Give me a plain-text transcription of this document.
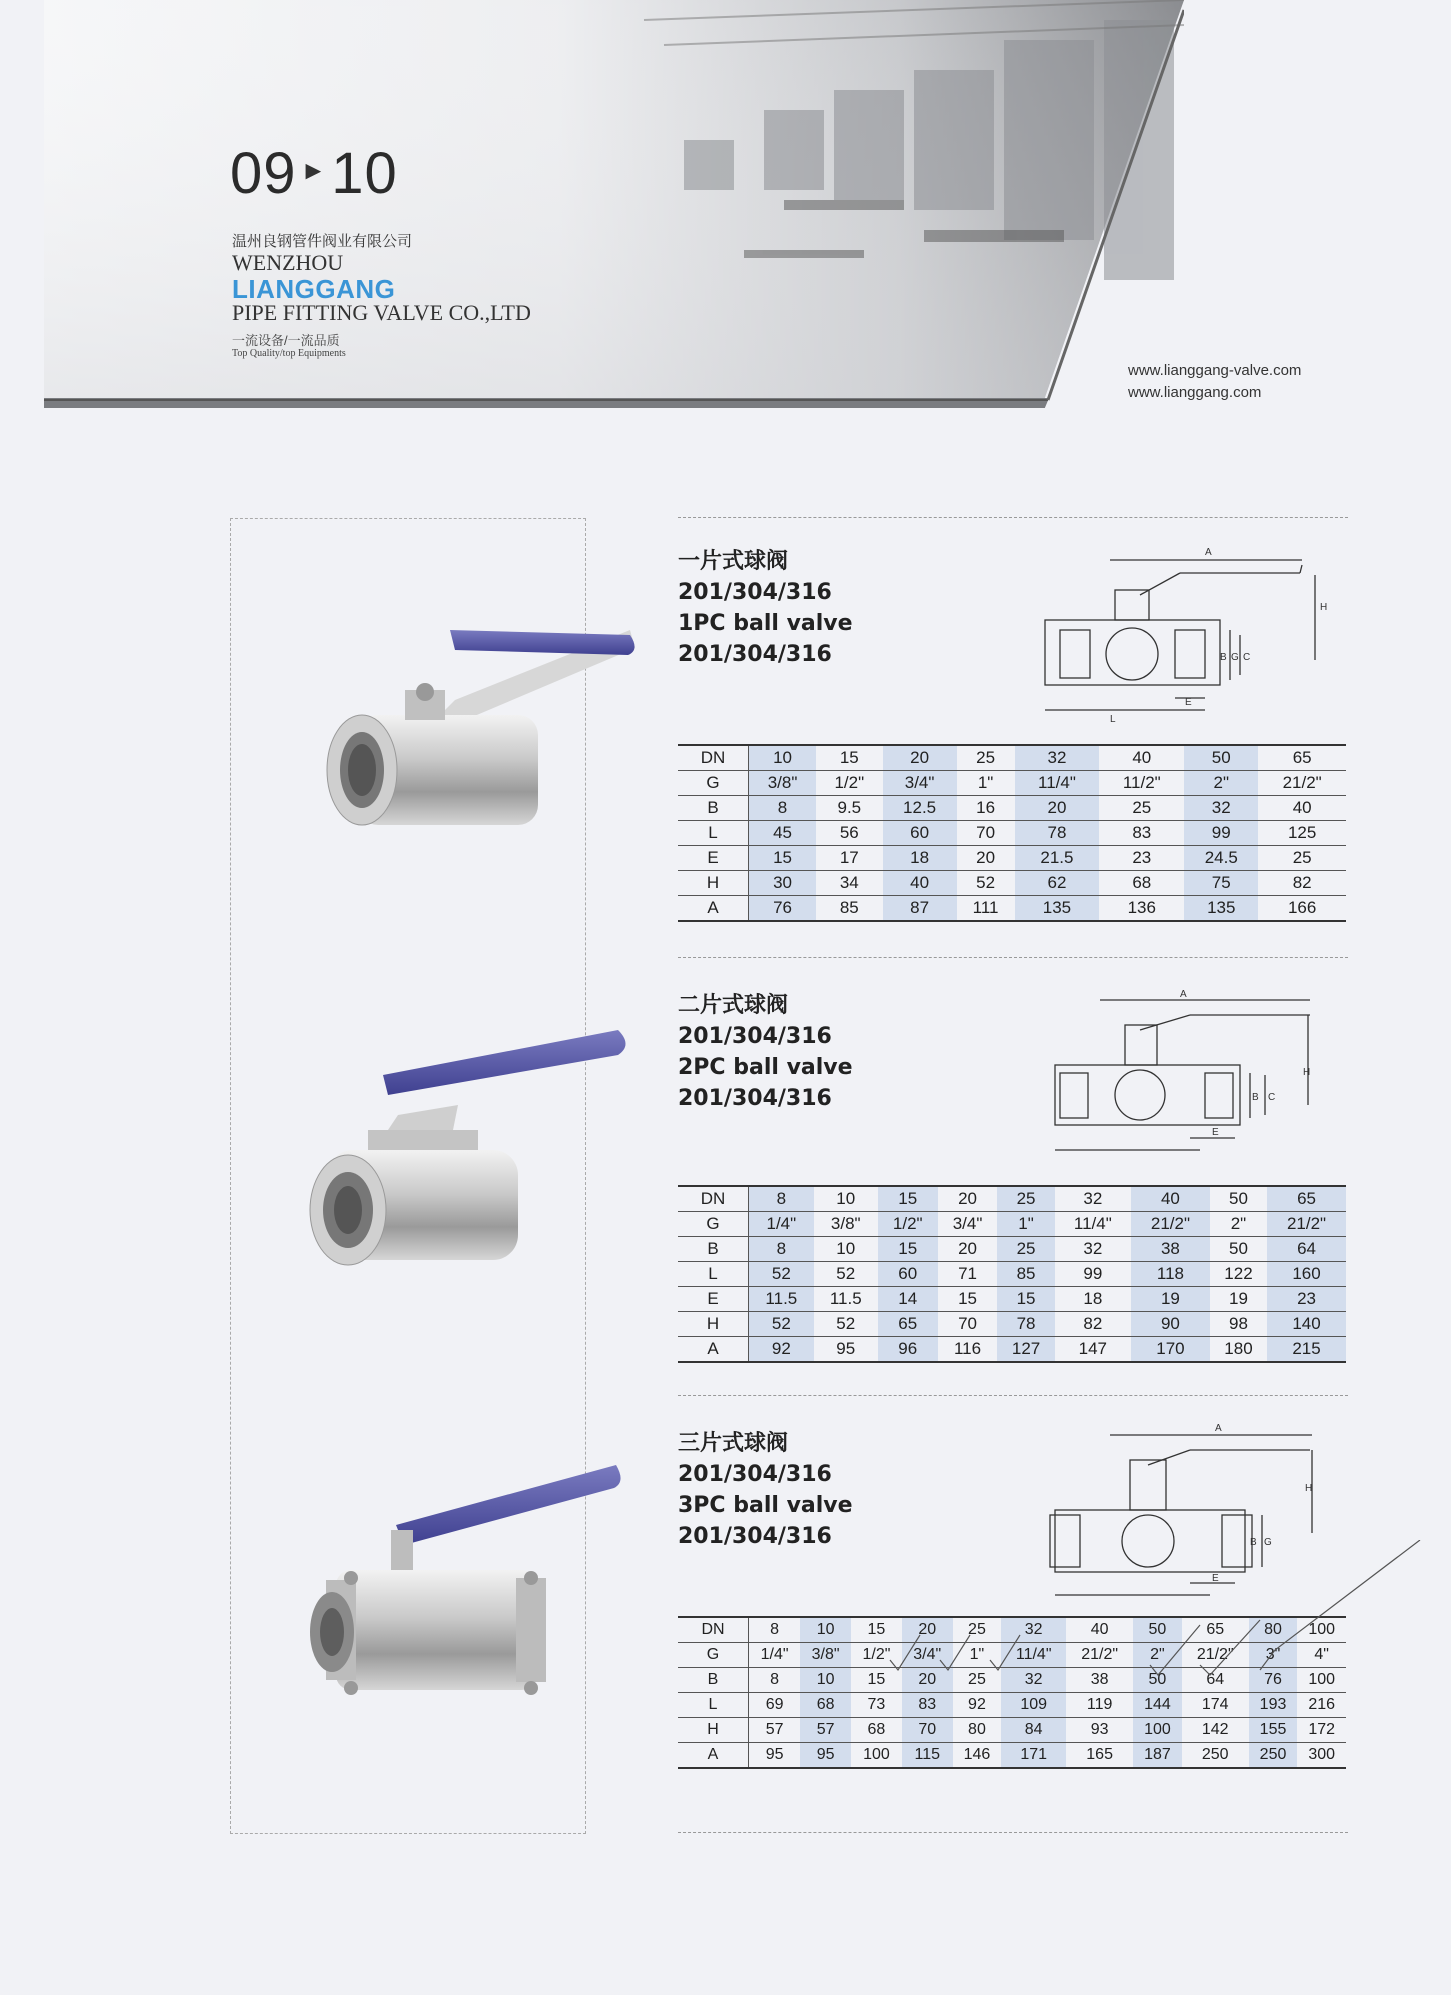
09 ►10
温州良钢管件阀业有限公司
WENZHOU
LIANGGANG
PIPE FITTING VALVE CO.,LTD
一流设备/一流品质
Top Quality/top Equipments
www.lianggang-valve.com
www.lianggang.com
一片式球阀
201/304/316
1PC ball valve
201/304/316
A
H
B G C
L
E
DN	10	15	20	25	32	40	50	65
G	3/8"	1/2"	3/4"	1"	11/4"	11/2"	2"	21/2"
B	8	9.5	12.5	16	20	25	32	40
L	45	56	60	70	78	83	99	125
E	15	17	18	20	21.5	23	24.5	25
H	30	34	40	52	62	68	75	82
A	76	85	87	111	135	136	135	166
二片式球阀
201/304/316
2PC ball valve
201/304/316
A
H
B C
E
DN	8	10	15	20	25	32	40	50	65
G	1/4"	3/8"	1/2"	3/4"	1"	11/4"	21/2"	2"	21/2"
B	8	10	15	20	25	32	38	50	64
L	52	52	60	71	85	99	118	122	160
E	11.5	11.5	14	15	15	18	19	19	23
H	52	52	65	70	78	82	90	98	140
A	92	95	96	116	127	147	170	180	215
三片式球阀
201/304/316
3PC ball valve
201/304/316
A
H
B G
E
DN	8	10	15	20	25	32	40	50	65	80	100
G	1/4"	3/8"	1/2"	3/4"	1"	11/4"	21/2"	2"	21/2"	3"	4"
B	8	10	15	20	25	32	38	50	64	76	100
L	69	68	73	83	92	109	119	144	174	193	216
H	57	57	68	70	80	84	93	100	142	155	172
A	95	95	100	115	146	171	165	187	250	250	300
